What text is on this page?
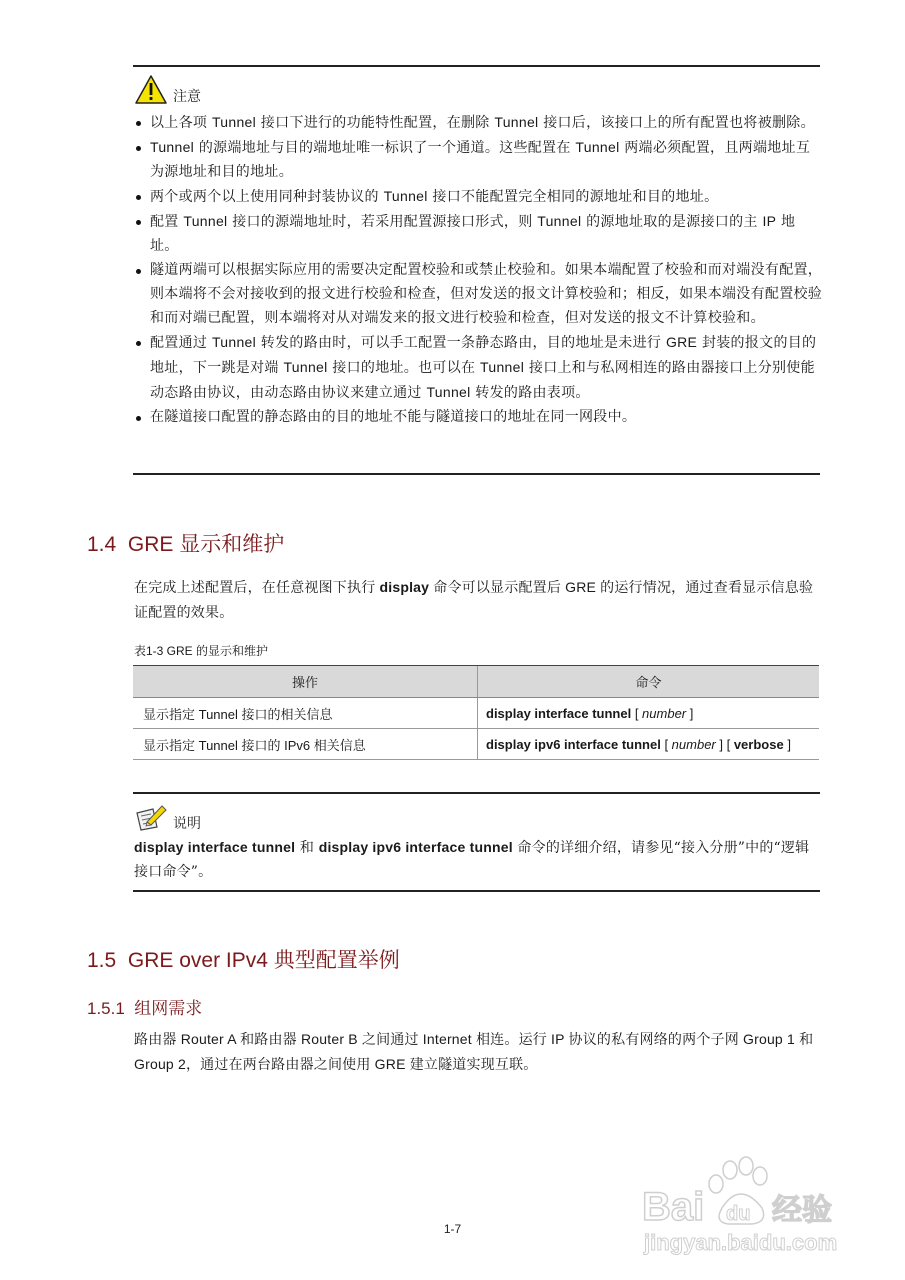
注意
以上各项 Tunnel 接口下进行的功能特性配置，在删除 Tunnel 接口后，该接口上的所有配置也将被删除。
Tunnel 的源端地址与目的端地址唯一标识了一个通道。这些配置在 Tunnel 两端必须配置，且两端地址互为源地址和目的地址。
两个或两个以上使用同种封装协议的 Tunnel 接口不能配置完全相同的源地址和目的地址。
配置 Tunnel 接口的源端地址时，若采用配置源接口形式，则 Tunnel 的源地址取的是源接口的主 IP 地址。
隧道两端可以根据实际应用的需要决定配置校验和或禁止校验和。如果本端配置了校验和而对端没有配置，则本端将不会对接收到的报文进行校验和检查，但对发送的报文计算校验和；相反，如果本端没有配置校验和而对端已配置，则本端将对从对端发来的报文进行校验和检查，但对发送的报文不计算校验和。
配置通过 Tunnel 转发的路由时，可以手工配置一条静态路由，目的地址是未进行 GRE 封装的报文的目的地址，下一跳是对端 Tunnel 接口的地址。也可以在 Tunnel 接口上和与私网相连的路由器接口上分别使能动态路由协议，由动态路由协议来建立通过 Tunnel 转发的路由表项。
在隧道接口配置的静态路由的目的地址不能与隧道接口的地址在同一网段中。
1.4 GRE 显示和维护
在完成上述配置后，在任意视图下执行 display 命令可以显示配置后 GRE 的运行情况，通过查看显示信息验证配置的效果。
表1-3 GRE 的显示和维护
操作	命令
显示指定 Tunnel 接口的相关信息	display interface tunnel [ number ]
显示指定 Tunnel 接口的 IPv6 相关信息	display ipv6 interface tunnel [ number ] [ verbose ]
说明
display interface tunnel 和 display ipv6 interface tunnel 命令的详细介绍，请参见“接入分册”中的“逻辑接口命令”。
1.5 GRE over IPv4 典型配置举例
1.5.1 组网需求
路由器 Router A 和路由器 Router B 之间通过 Internet 相连。运行 IP 协议的私有网络的两个子网 Group 1 和 Group 2，通过在两台路由器之间使用 GRE 建立隧道实现互联。
Bai du 经验
jingyan.baidu.com
1-7
